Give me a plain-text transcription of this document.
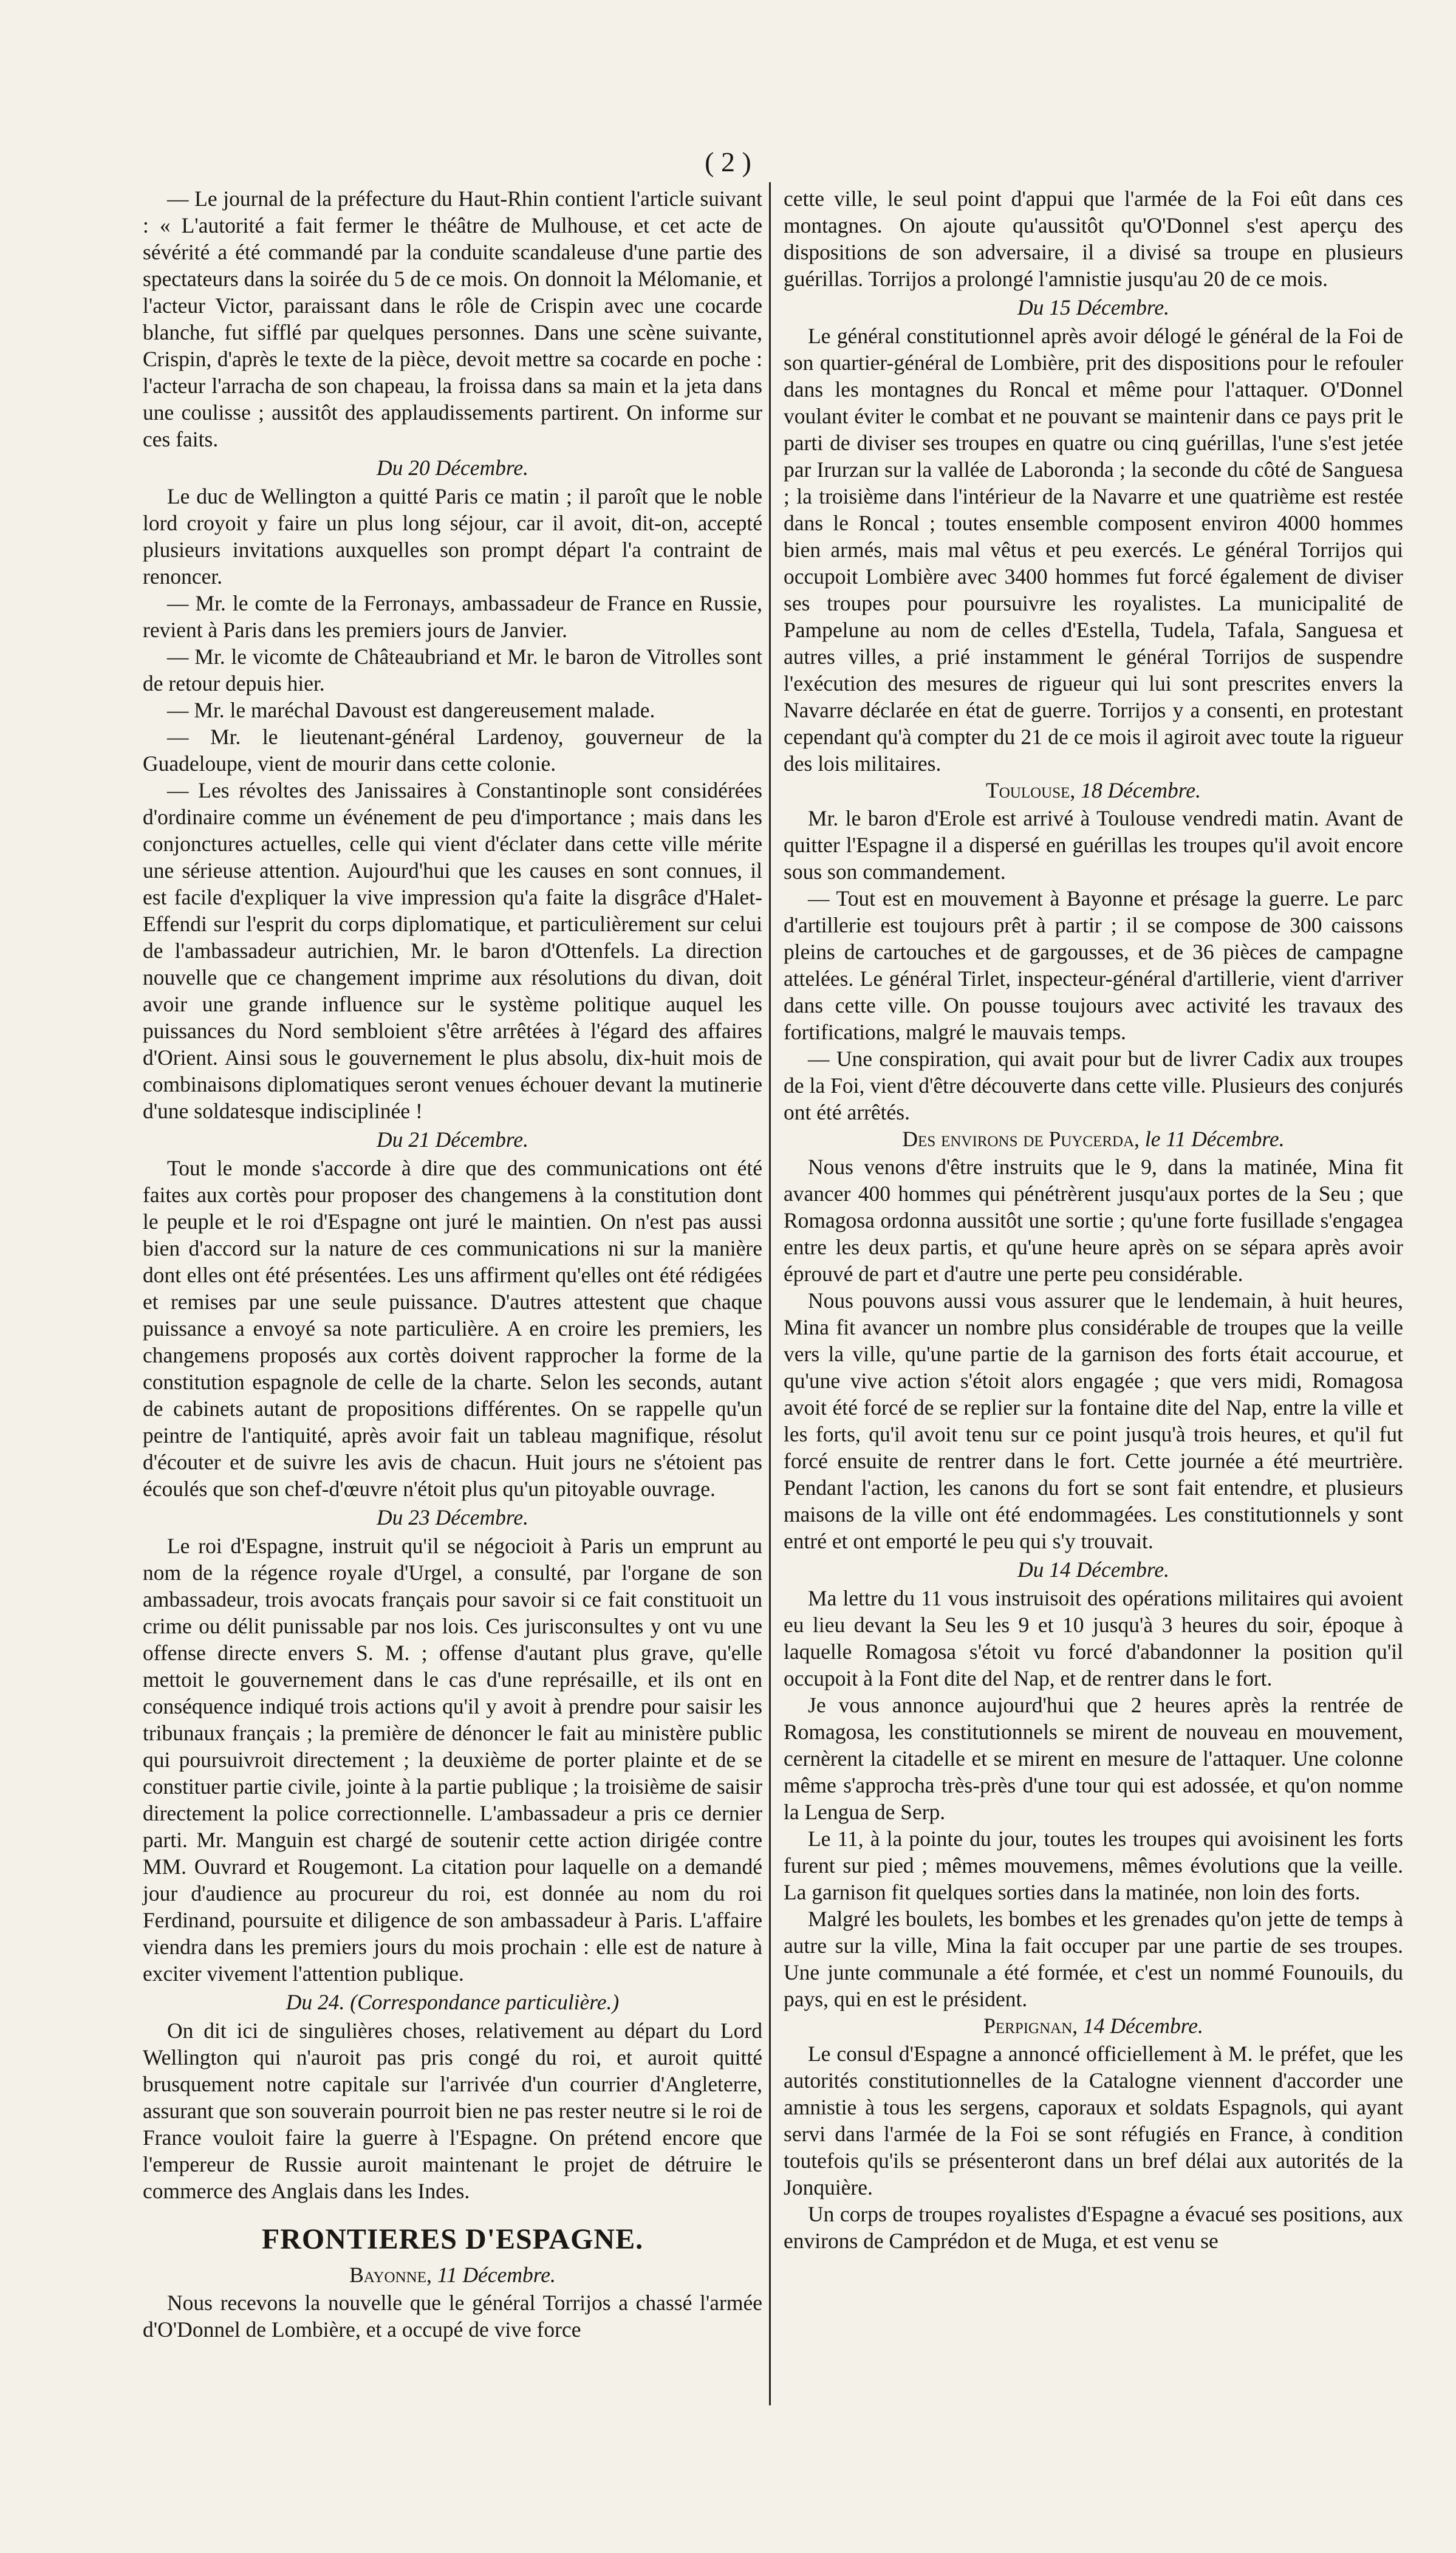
( 2 )

— Le journal de la préfecture du Haut-Rhin contient l'article suivant : « L'autorité a fait fermer le théâtre de Mulhouse, et cet acte de sévérité a été commandé par la conduite scandaleuse d'une partie des spectateurs dans la soirée du 5 de ce mois. On donnoit la Mélomanie, et l'acteur Victor, paraissant dans le rôle de Crispin avec une cocarde blanche, fut sifflé par quelques personnes. Dans une scène suivante, Crispin, d'après le texte de la pièce, devoit mettre sa cocarde en poche : l'acteur l'arracha de son chapeau, la froissa dans sa main et la jeta dans une coulisse ; aussitôt des applaudissements partirent. On informe sur ces faits.

Du 20 Décembre.

Le duc de Wellington a quitté Paris ce matin ; il paroît que le noble lord croyoit y faire un plus long séjour, car il avoit, dit-on, accepté plusieurs invitations auxquelles son prompt départ l'a contraint de renoncer.

— Mr. le comte de la Ferronays, ambassadeur de France en Russie, revient à Paris dans les premiers jours de Janvier.

— Mr. le vicomte de Châteaubriand et Mr. le baron de Vitrolles sont de retour depuis hier.

— Mr. le maréchal Davoust est dangereusement malade.

— Mr. le lieutenant-général Lardenoy, gouverneur de la Guadeloupe, vient de mourir dans cette colonie.

— Les révoltes des Janissaires à Constantinople sont considérées d'ordinaire comme un événement de peu d'importance ; mais dans les conjonctures actuelles, celle qui vient d'éclater dans cette ville mérite une sérieuse attention. Aujourd'hui que les causes en sont connues, il est facile d'expliquer la vive impression qu'a faite la disgrâce d'Halet-Effendi sur l'esprit du corps diplomatique, et particulièrement sur celui de l'ambassadeur autrichien, Mr. le baron d'Ottenfels. La direction nouvelle que ce changement imprime aux résolutions du divan, doit avoir une grande influence sur le système politique auquel les puissances du Nord sembloient s'être arrêtées à l'égard des affaires d'Orient. Ainsi sous le gouvernement le plus absolu, dix-huit mois de combinaisons diplomatiques seront venues échouer devant la mutinerie d'une soldatesque indisciplinée !

Du 21 Décembre.

Tout le monde s'accorde à dire que des communications ont été faites aux cortès pour proposer des changemens à la constitution dont le peuple et le roi d'Espagne ont juré le maintien. On n'est pas aussi bien d'accord sur la nature de ces communications ni sur la manière dont elles ont été présentées. Les uns affirment qu'elles ont été rédigées et remises par une seule puissance. D'autres attestent que chaque puissance a envoyé sa note particulière. A en croire les premiers, les changemens proposés aux cortès doivent rapprocher la forme de la constitution espagnole de celle de la charte. Selon les seconds, autant de cabinets autant de propositions différentes. On se rappelle qu'un peintre de l'antiquité, après avoir fait un tableau magnifique, résolut d'écouter et de suivre les avis de chacun. Huit jours ne s'étoient pas écoulés que son chef-d'œuvre n'étoit plus qu'un pitoyable ouvrage.

Du 23 Décembre.

Le roi d'Espagne, instruit qu'il se négocioit à Paris un emprunt au nom de la régence royale d'Urgel, a consulté, par l'organe de son ambassadeur, trois avocats français pour savoir si ce fait constituoit un crime ou délit punissable par nos lois. Ces jurisconsultes y ont vu une offense directe envers S. M. ; offense d'autant plus grave, qu'elle mettoit le gouvernement dans le cas d'une représaille, et ils ont en conséquence indiqué trois actions qu'il y avoit à prendre pour saisir les tribunaux français ; la première de dénoncer le fait au ministère public qui poursuivroit directement ; la deuxième de porter plainte et de se constituer partie civile, jointe à la partie publique ; la troisième de saisir directement la police correctionnelle. L'ambassadeur a pris ce dernier parti. Mr. Manguin est chargé de soutenir cette action dirigée contre MM. Ouvrard et Rougemont. La citation pour laquelle on a demandé jour d'audience au procureur du roi, est donnée au nom du roi Ferdinand, poursuite et diligence de son ambassadeur à Paris. L'affaire viendra dans les premiers jours du mois prochain : elle est de nature à exciter vivement l'attention publique.

Du 24. (Correspondance particulière.)

On dit ici de singulières choses, relativement au départ du Lord Wellington qui n'auroit pas pris congé du roi, et auroit quitté brusquement notre capitale sur l'arrivée d'un courrier d'Angleterre, assurant que son souverain pourroit bien ne pas rester neutre si le roi de France vouloit faire la guerre à l'Espagne. On prétend encore que l'empereur de Russie auroit maintenant le projet de détruire le commerce des Anglais dans les Indes.

FRONTIERES D'ESPAGNE.

Bayonne, 11 Décembre.

Nous recevons la nouvelle que le général Torrijos a chassé l'armée d'O'Donnel de Lombière, et a occupé de vive force

cette ville, le seul point d'appui que l'armée de la Foi eût dans ces montagnes. On ajoute qu'aussitôt qu'O'Donnel s'est aperçu des dispositions de son adversaire, il a divisé sa troupe en plusieurs guérillas. Torrijos a prolongé l'amnistie jusqu'au 20 de ce mois.

Du 15 Décembre.

Le général constitutionnel après avoir délogé le général de la Foi de son quartier-général de Lombière, prit des dispositions pour le refouler dans les montagnes du Roncal et même pour l'attaquer. O'Donnel voulant éviter le combat et ne pouvant se maintenir dans ce pays prit le parti de diviser ses troupes en quatre ou cinq guérillas, l'une s'est jetée par Irurzan sur la vallée de Laboronda ; la seconde du côté de Sanguesa ; la troisième dans l'intérieur de la Navarre et une quatrième est restée dans le Roncal ; toutes ensemble composent environ 4000 hommes bien armés, mais mal vêtus et peu exercés. Le général Torrijos qui occupoit Lombière avec 3400 hommes fut forcé également de diviser ses troupes pour poursuivre les royalistes. La municipalité de Pampelune au nom de celles d'Estella, Tudela, Tafala, Sanguesa et autres villes, a prié instamment le général Torrijos de suspendre l'exécution des mesures de rigueur qui lui sont prescrites envers la Navarre déclarée en état de guerre. Torrijos y a consenti, en protestant cependant qu'à compter du 21 de ce mois il agiroit avec toute la rigueur des lois militaires.

Toulouse, 18 Décembre.

Mr. le baron d'Erole est arrivé à Toulouse vendredi matin. Avant de quitter l'Espagne il a dispersé en guérillas les troupes qu'il avoit encore sous son commandement.

— Tout est en mouvement à Bayonne et présage la guerre. Le parc d'artillerie est toujours prêt à partir ; il se compose de 300 caissons pleins de cartouches et de gargousses, et de 36 pièces de campagne attelées. Le général Tirlet, inspecteur-général d'artillerie, vient d'arriver dans cette ville. On pousse toujours avec activité les travaux des fortifications, malgré le mauvais temps.

— Une conspiration, qui avait pour but de livrer Cadix aux troupes de la Foi, vient d'être découverte dans cette ville. Plusieurs des conjurés ont été arrêtés.

Des environs de Puycerda, le 11 Décembre.

Nous venons d'être instruits que le 9, dans la matinée, Mina fit avancer 400 hommes qui pénétrèrent jusqu'aux portes de la Seu ; que Romagosa ordonna aussitôt une sortie ; qu'une forte fusillade s'engagea entre les deux partis, et qu'une heure après on se sépara après avoir éprouvé de part et d'autre une perte peu considérable.

Nous pouvons aussi vous assurer que le lendemain, à huit heures, Mina fit avancer un nombre plus considérable de troupes que la veille vers la ville, qu'une partie de la garnison des forts était accourue, et qu'une vive action s'étoit alors engagée ; que vers midi, Romagosa avoit été forcé de se replier sur la fontaine dite del Nap, entre la ville et les forts, qu'il avoit tenu sur ce point jusqu'à trois heures, et qu'il fut forcé ensuite de rentrer dans le fort. Cette journée a été meurtrière. Pendant l'action, les canons du fort se sont fait entendre, et plusieurs maisons de la ville ont été endommagées. Les constitutionnels y sont entré et ont emporté le peu qui s'y trouvait.

Du 14 Décembre.

Ma lettre du 11 vous instruisoit des opérations militaires qui avoient eu lieu devant la Seu les 9 et 10 jusqu'à 3 heures du soir, époque à laquelle Romagosa s'étoit vu forcé d'abandonner la position qu'il occupoit à la Font dite del Nap, et de rentrer dans le fort.

Je vous annonce aujourd'hui que 2 heures après la rentrée de Romagosa, les constitutionnels se mirent de nouveau en mouvement, cernèrent la citadelle et se mirent en mesure de l'attaquer. Une colonne même s'approcha très-près d'une tour qui est adossée, et qu'on nomme la Lengua de Serp.

Le 11, à la pointe du jour, toutes les troupes qui avoisinent les forts furent sur pied ; mêmes mouvemens, mêmes évolutions que la veille. La garnison fit quelques sorties dans la matinée, non loin des forts.

Malgré les boulets, les bombes et les grenades qu'on jette de temps à autre sur la ville, Mina la fait occuper par une partie de ses troupes. Une junte communale a été formée, et c'est un nommé Founouils, du pays, qui en est le président.

Perpignan, 14 Décembre.

Le consul d'Espagne a annoncé officiellement à M. le préfet, que les autorités constitutionnelles de la Catalogne viennent d'accorder une amnistie à tous les sergens, caporaux et soldats Espagnols, qui ayant servi dans l'armée de la Foi se sont réfugiés en France, à condition toutefois qu'ils se présenteront dans un bref délai aux autorités de la Jonquière.

Un corps de troupes royalistes d'Espagne a évacué ses positions, aux environs de Camprédon et de Muga, et est venu se
